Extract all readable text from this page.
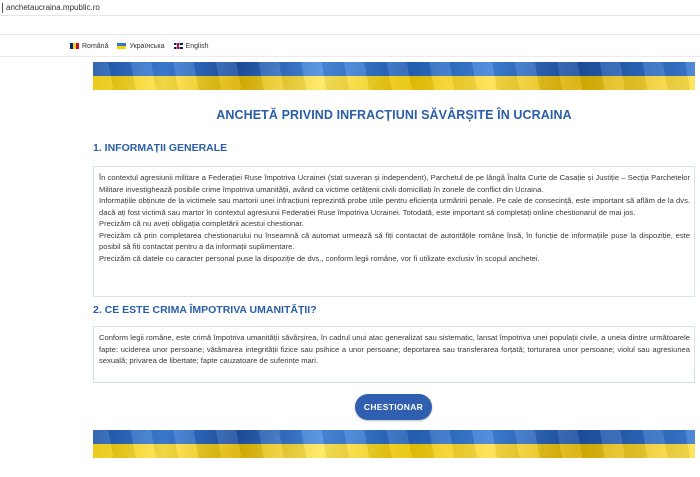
anchetaucraina.mpublic.ro
Română	Українська	English
ANCHETĂ PRIVIND INFRACȚIUNI SĂVÂRȘITE ÎN UCRAINA
1. INFORMAȚII GENERALE

În contextul agresiunii militare a Federației Ruse împotriva Ucrainei (stat suveran și independent), Parchetul de pe lângă Înalta Curte de Casație și Justiție – Secția Parchetelor Militare investighează posibile crime împotriva umanității, având ca victime cetățenii civili domiciliați în zonele de conflict din Ucraina.

Informațiile obținute de la victimele sau martorii unei infracțiuni reprezintă probe utile pentru eficiența urmăririi penale. Pe cale de consecință, este important să aflăm de la dvs. dacă ați fost victimă sau martor în contextul agresiunii Federației Ruse împotriva Ucrainei. Totodată, este important să completați online chestionarul de mai jos.

Precizăm că nu aveți obligația completării acestui chestionar.

Precizăm că prin completarea chestionarului nu înseamnă că automat urmează să fiți contactat de autoritățile române însă, în funcție de informațiile puse la dispoziție, este posibil să fiți contactat pentru a da informații suplimentare.

Precizăm că datele cu caracter personal puse la dispoziție de dvs., conform legii române, vor fi utilizate exclusiv în scopul anchetei.

2. CE ESTE CRIMA ÎMPOTRIVA UMANITĂȚII?

Conform legii române, este crimă împotriva umanității săvârșirea, în cadrul unui atac generalizat sau sistematic, lansat împotriva unei populații civile, a uneia dintre următoarele fapte: uciderea unor persoane; vătămarea integrității fizice sau psihice a unor persoane; deportarea sau transferarea forțată; torturarea unor persoane; violul sau agresiunea sexuală; privarea de libertate; fapte cauzatoare de suferințe mari.

CHESTIONAR
